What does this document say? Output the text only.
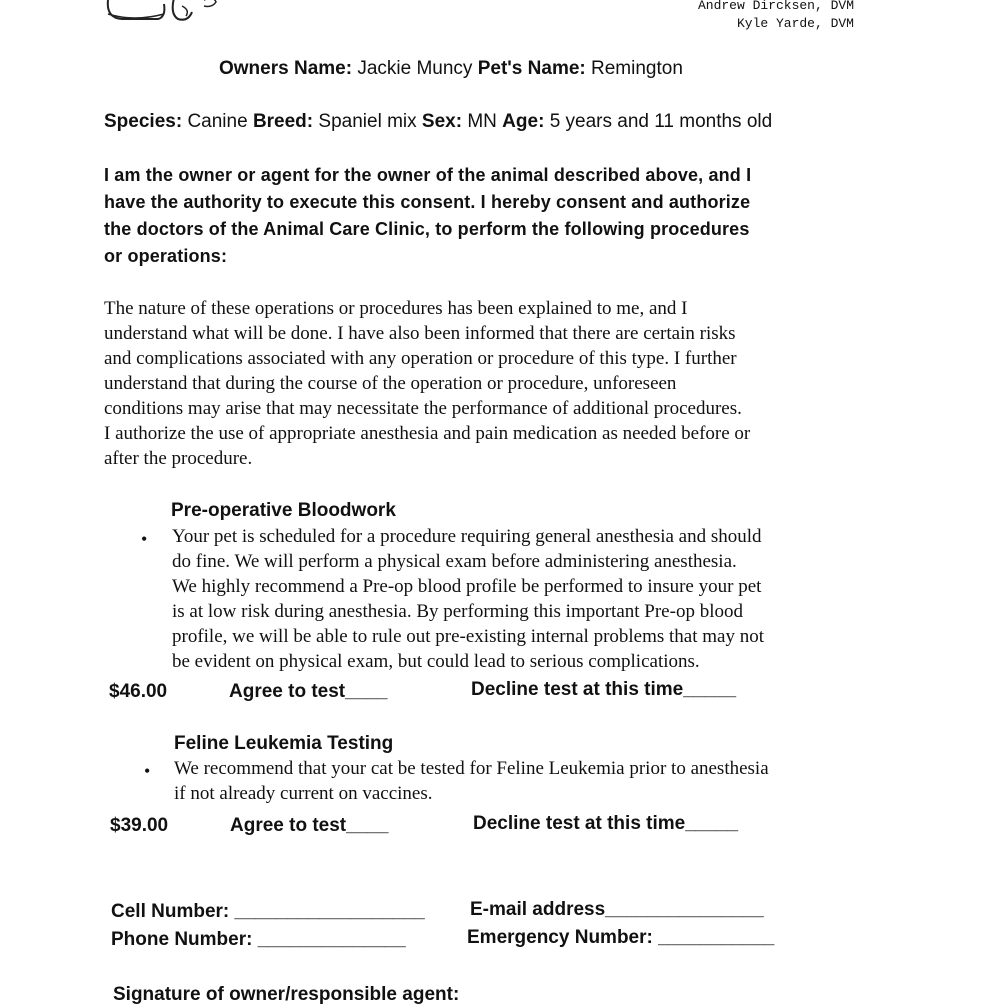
Andrew Dircksen, DVM
Kyle Yarde, DVM
Owners Name: Jackie Muncy Pet's Name: Remington
Species: Canine Breed: Spaniel mix Sex: MN Age: 5 years and 11 months old
I am the owner or agent for the owner of the animal described above, and I
have the authority to execute this consent. I hereby consent and authorize
the doctors of the Animal Care Clinic, to perform the following procedures
or operations:
The nature of these operations or procedures has been explained to me, and I
understand what will be done. I have also been informed that there are certain risks
and complications associated with any operation or procedure of this type. I further
understand that during the course of the operation or procedure, unforeseen
conditions may arise that may necessitate the performance of additional procedures.
I authorize the use of appropriate anesthesia and pain medication as needed before or
after the procedure.
Pre-operative Bloodwork
• Your pet is scheduled for a procedure requiring general anesthesia and should
do fine. We will perform a physical exam before administering anesthesia.
We highly recommend a Pre-op blood profile be performed to insure your pet
is at low risk during anesthesia. By performing this important Pre-op blood
profile, we will be able to rule out pre-existing internal problems that may not
be evident on physical exam, but could lead to serious complications.
$46.00	Agree to test____	Decline test at this time_____
Feline Leukemia Testing
• We recommend that your cat be tested for Feline Leukemia prior to anesthesia
if not already current on vaccines.
$39.00	Agree to test____	Decline test at this time_____
Cell Number: __________________ E-mail address_______________
Phone Number: ______________	Emergency Number: ___________
Signature of owner/responsible agent:
